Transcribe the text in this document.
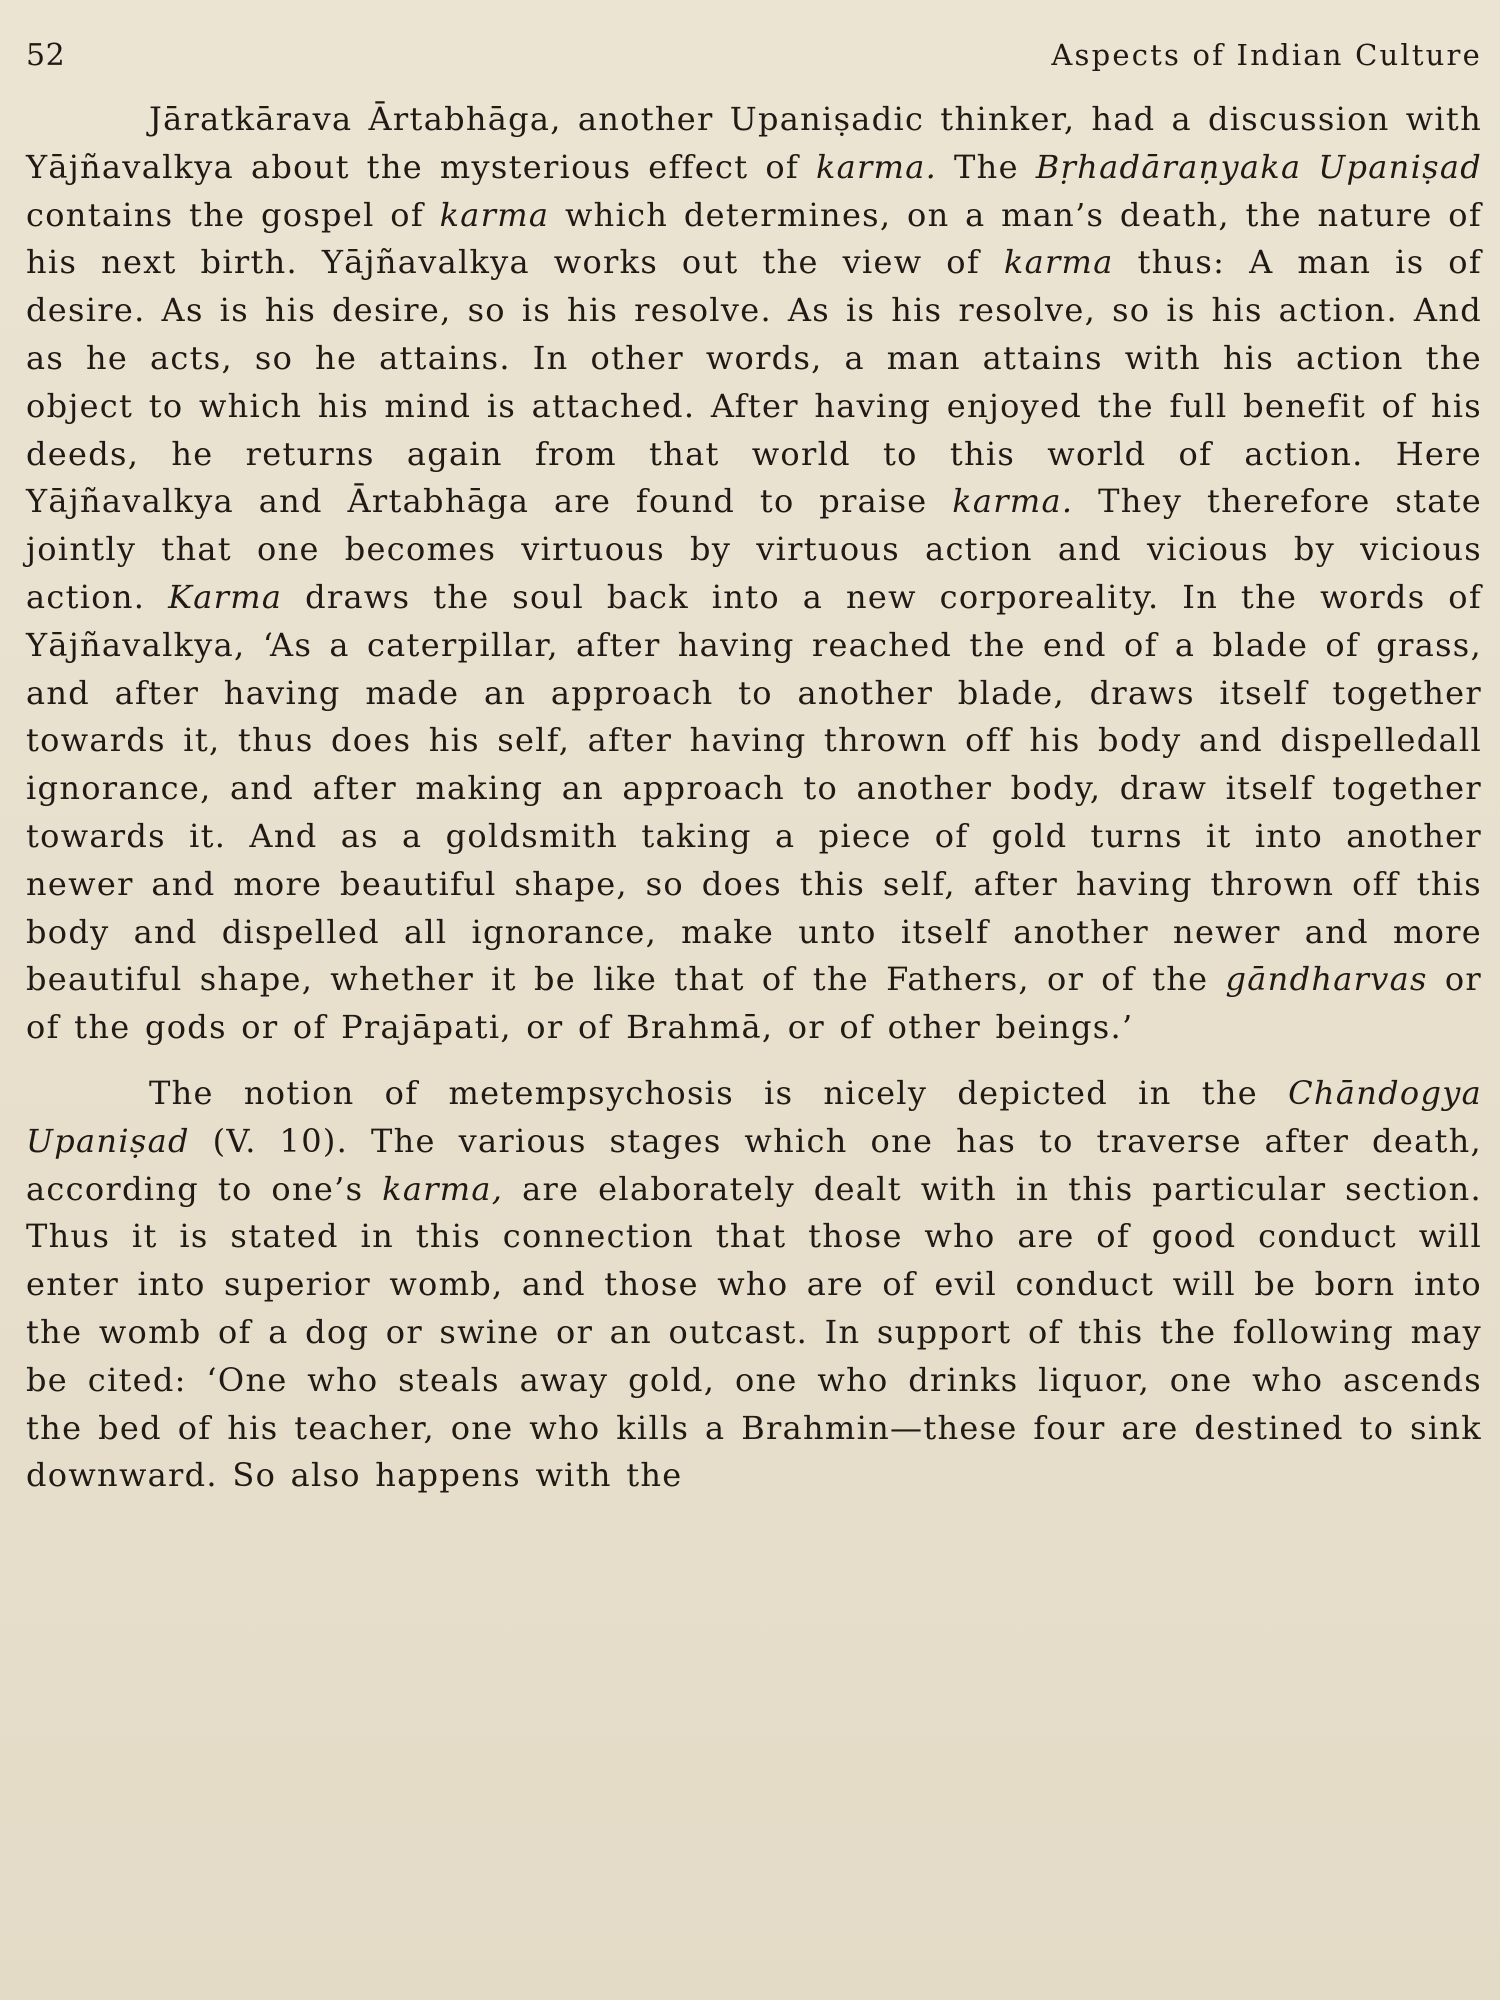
52	Aspects of Indian Culture

Jāratkārava Ārtabhāga, another Upaniṣadic thinker, had a discussion with Yājñavalkya about the mysterious effect of karma. The Bṛhadāraṇyaka Upaniṣad contains the gospel of karma which determines, on a man’s death, the nature of his next birth. Yājñavalkya works out the view of karma thus: A man is of desire. As is his desire, so is his resolve. As is his resolve, so is his action. And as he acts, so he attains. In other words, a man attains with his action the object to which his mind is attached. After having enjoyed the full benefit of his deeds, he returns again from that world to this world of action. Here Yājñavalkya and Ārtabhāga are found to praise karma. They therefore state jointly that one becomes virtuous by virtuous action and vicious by vicious action. Karma draws the soul back into a new corporeality. In the words of Yājñavalkya, ‘As a caterpillar, after having reached the end of a blade of grass, and after having made an approach to another blade, draws itself together towards it, thus does his self, after having thrown off his body and dispelledall ignorance, and after making an approach to another body, draw itself together towards it. And as a goldsmith taking a piece of gold turns it into another newer and more beautiful shape, so does this self, after having thrown off this body and dispelled all ignorance, make unto itself another newer and more beautiful shape, whether it be like that of the Fathers, or of the gāndharvas or of the gods or of Prajāpati, or of Brahmā, or of other beings.’

The notion of metempsychosis is nicely depicted in the Chāndogya Upaniṣad (V. 10). The various stages which one has to traverse after death, according to one’s karma, are elaborately dealt with in this particular section. Thus it is stated in this connection that those who are of good conduct will enter into superior womb, and those who are of evil conduct will be born into the womb of a dog or swine or an outcast. In support of this the following may be cited: ‘One who steals away gold, one who drinks liquor, one who ascends the bed of his teacher, one who kills a Brahmin—these four are destined to sink downward. So also happens with the
